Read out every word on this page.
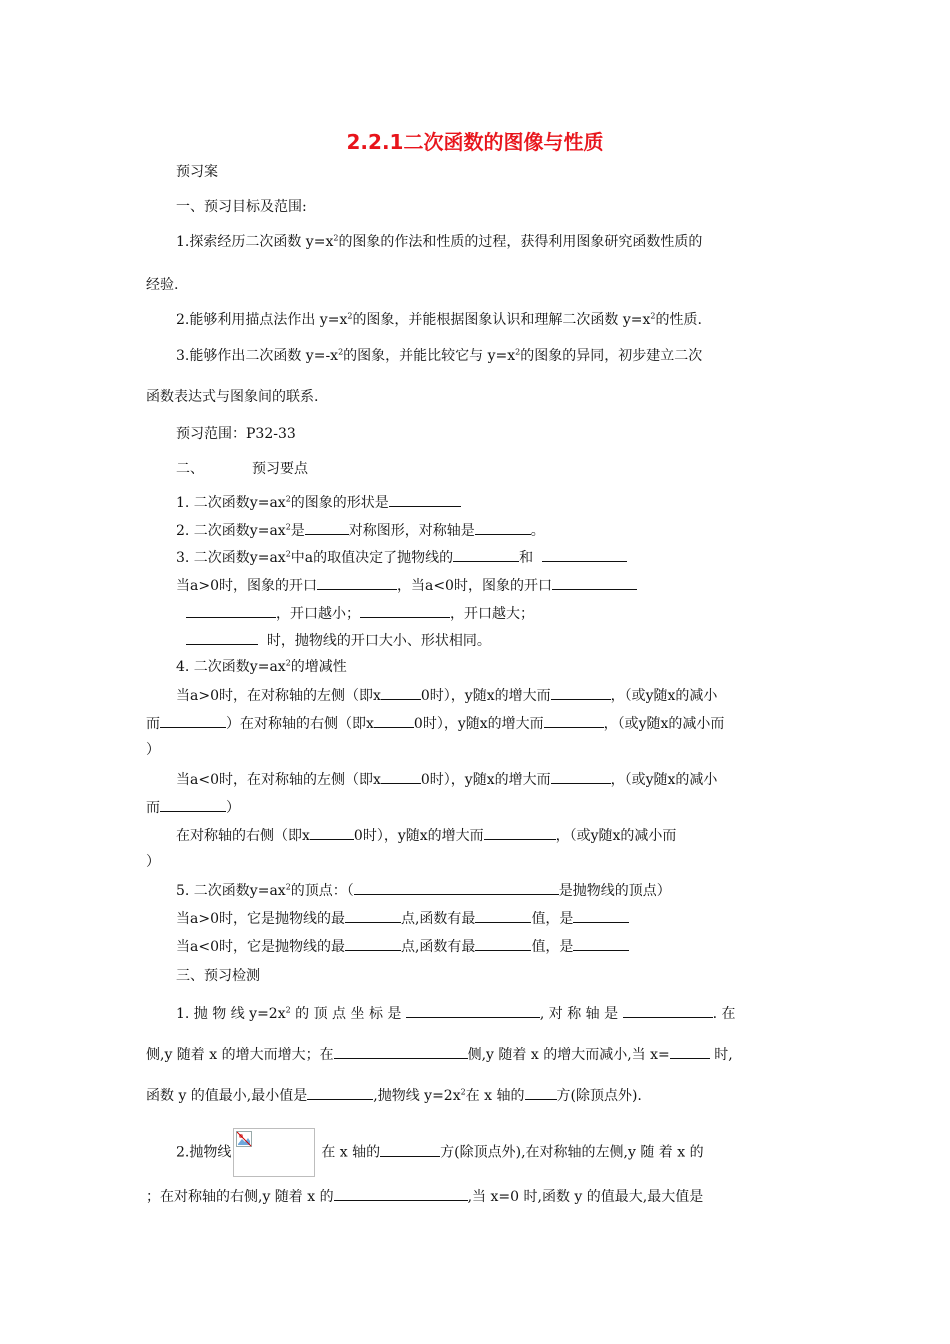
2.2.1二次函数的图像与性质
预习案
一、预习目标及范围:
1.探索经历二次函数 $y=x^2$的图象的作法和性质的过程，获得利用图象研究函数性质的
经验.
2.能够利用描点法作出 $y=x^2$的图象，并能根据图象认识和理解二次函数 $y=x^2$的性质.
3.能够作出二次函数 $y=-x^2$的图象，并能比较它与 $y=x^2$的图象的异同，初步建立二次
函数表达式与图象间的联系.
预习范围：P32-33
二、	预习要点
1. 二次函数$y=ax^2$的图象的形状是
2. 二次函数$y=ax^2$是	对称图形，对称轴是	。
3. 二次函数$y=ax^2$中a的取值决定了抛物线的	和
当a>0时，图象的开口	，当a<0时，图象的开口
，开口越小；	，开口越大；
时，抛物线的开口大小、形状相同。
4. 二次函数$y=ax^2$的增减性
当a>0时，在对称轴的左侧（即x	0时），y随x的增大而	，（或y随x的减小
而	）在对称轴的右侧（即x	0时），y随x的增大而	，（或y随x的减小而
）
当a<0时，在对称轴的左侧（即x	0时），y随x的增大而	，（或y随x的减小
而	）
在对称轴的右侧（即x	0时），y随x的增大而	，（或y随x的减小而
）
5. 二次函数$y=ax^2$的顶点：（	是抛物线的顶点）
当a>0时，它是抛物线的最	点,函数有最	值，是
当a<0时，它是抛物线的最	点,函数有最	值，是
三、预习检测
1. 抛 物 线 $y=2x^2$ 的 顶 点 坐 标 是	, 对 称 轴 是	. 在
侧,y 随着 x 的增大而增大；在	侧,y 随着 x 的增大而减小,当 x=	时,
函数 y 的值最小,最小值是	,抛物线 $y=2x^2$在 x 轴的 方(除顶点外).
2.抛物线	在 x 轴的	方(除顶点外),在对称轴的左侧,y 随 着 x 的
；在对称轴的右侧,y 随着 x 的	,当 x=0 时,函数 y 的值最大,最大值是
